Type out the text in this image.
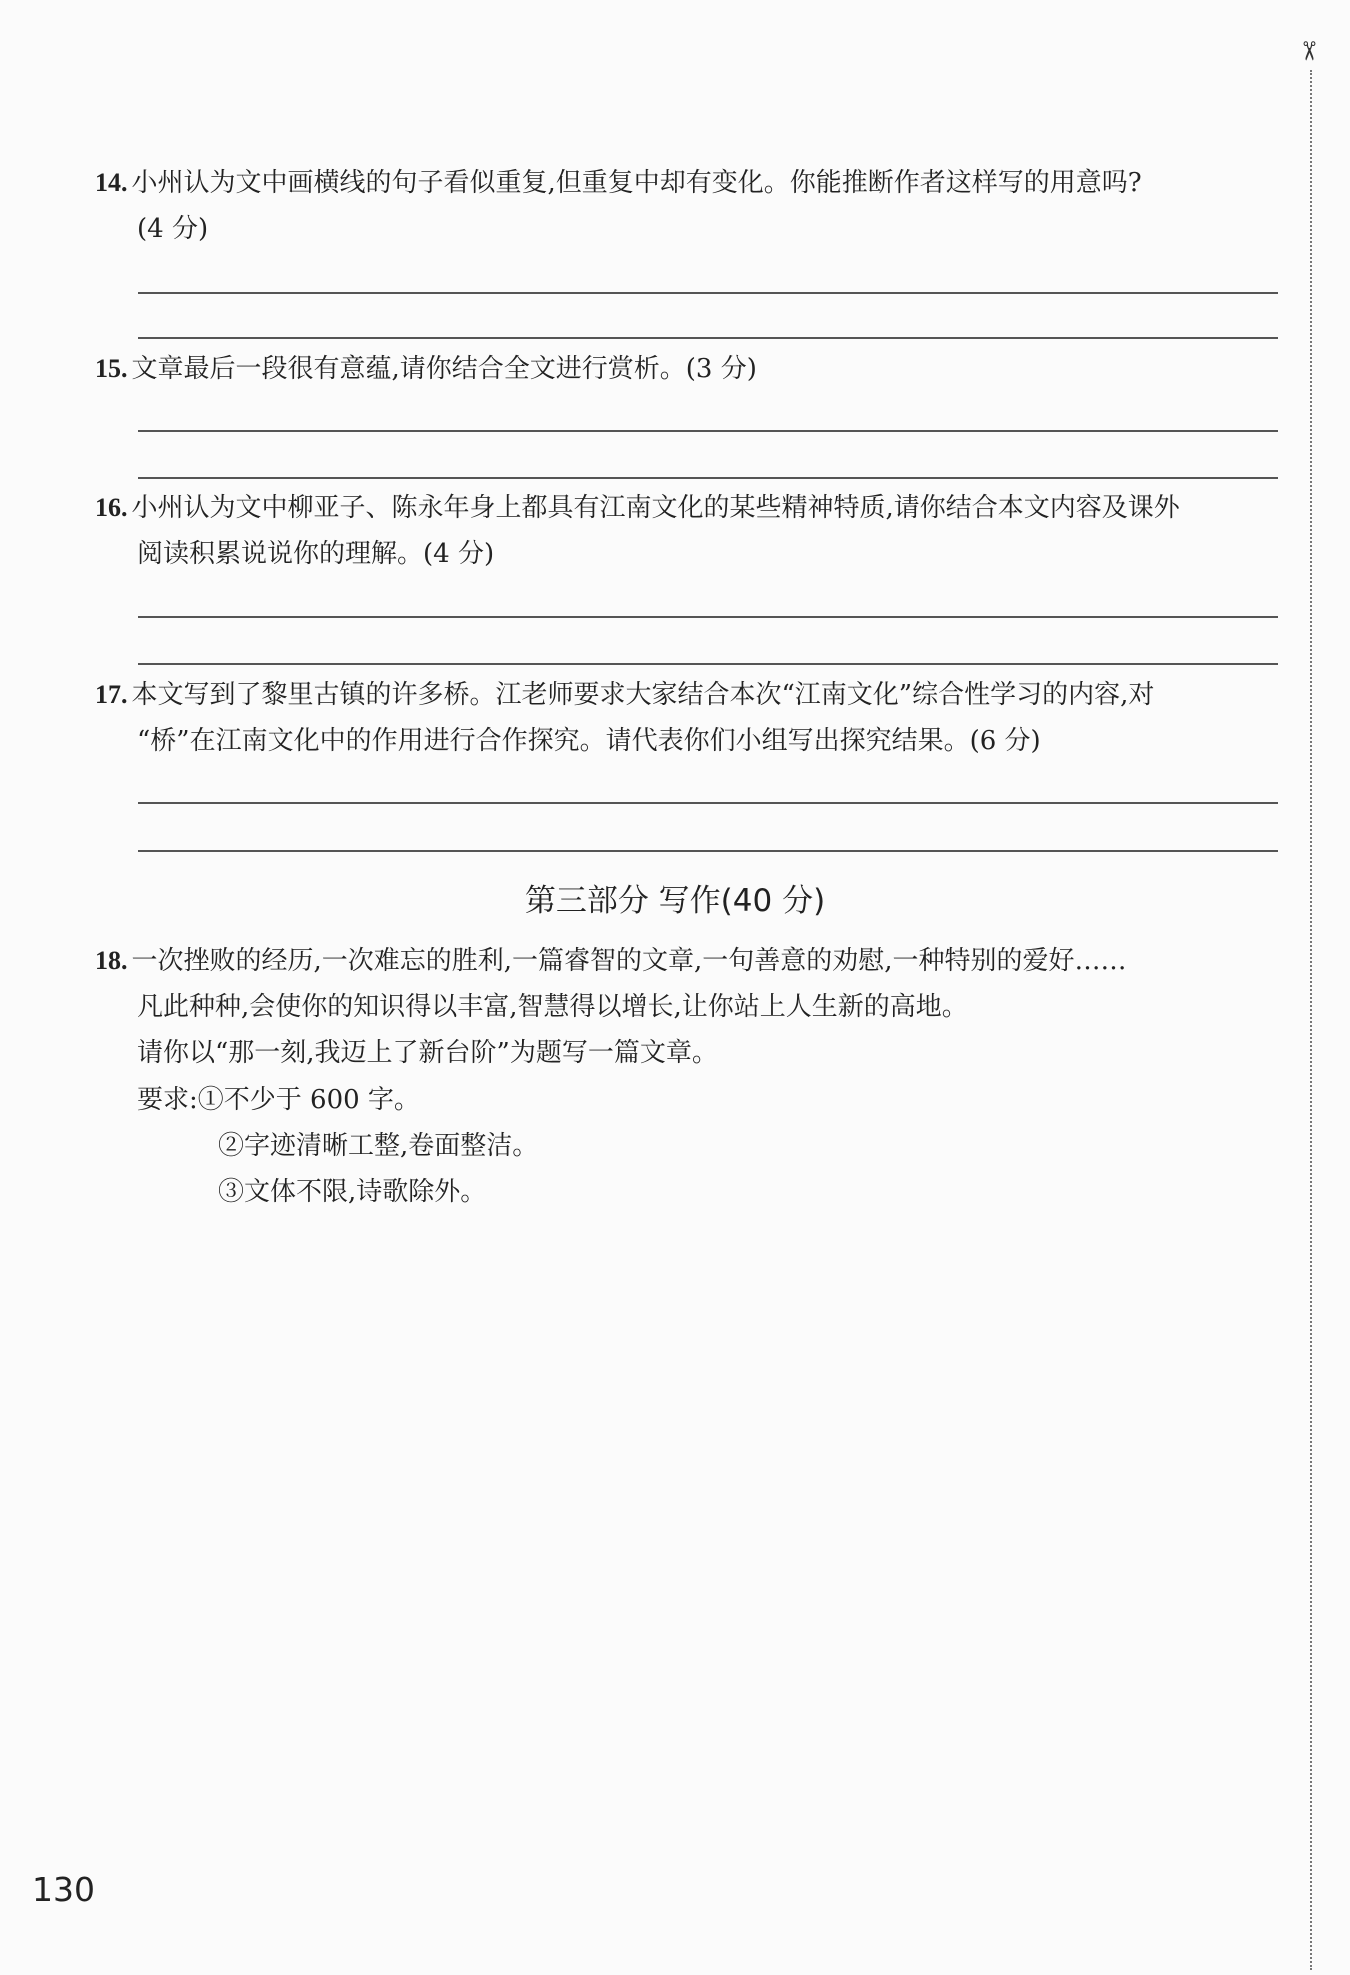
14. 小州认为文中画横线的句子看似重复,但重复中却有变化。你能推断作者这样写的用意吗?
(4 分)
15. 文章最后一段很有意蕴,请你结合全文进行赏析。(3 分)
16. 小州认为文中柳亚子、陈永年身上都具有江南文化的某些精神特质,请你结合本文内容及课外
阅读积累说说你的理解。(4 分)
17. 本文写到了黎里古镇的许多桥。江老师要求大家结合本次“江南文化”综合性学习的内容,对
“桥”在江南文化中的作用进行合作探究。请代表你们小组写出探究结果。(6 分)
第三部分 写作(40 分)
18. 一次挫败的经历,一次难忘的胜利,一篇睿智的文章,一句善意的劝慰,一种特别的爱好……
凡此种种,会使你的知识得以丰富,智慧得以增长,让你站上人生新的高地。
请你以“那一刻,我迈上了新台阶”为题写一篇文章。
要求:①不少于 600 字。
②字迹清晰工整,卷面整洁。
③文体不限,诗歌除外。
130
✂
